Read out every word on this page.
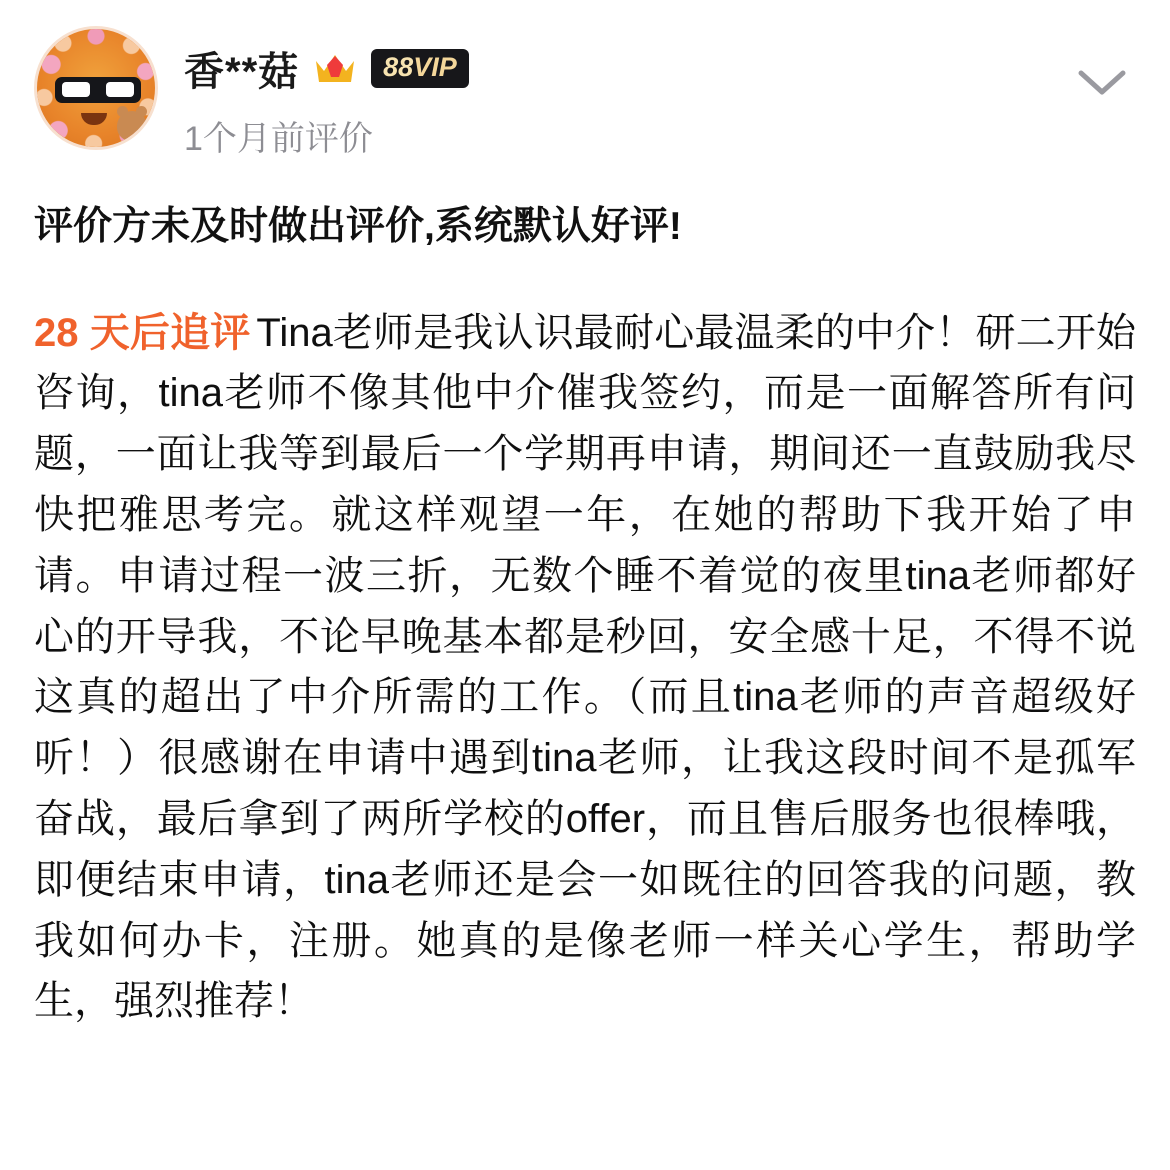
香**菇	88 VIP
1个月前评价
评价方未及时做出评价,系统默认好评!
28 天后追评 Tina老师是我认识最耐心最温柔的中介！研二开始咨询，tina老师不像其他中介催我签约，而是一面解答所有问题，一面让我等到最后一个学期再申请，期间还一直鼓励我尽快把雅思考完。就这样观望一年，在她的帮助下我开始了申请。申请过程一波三折，无数个睡不着觉的夜里tina老师都好心的开导我，不论早晚基本都是秒回，安全感十足，不得不说这真的超出了中介所需的工作。（而且tina老师的声音超级好听！）很感谢在申请中遇到tina老师，让我这段时间不是孤军奋战，最后拿到了两所学校的offer，而且售后服务也很棒哦，即便结束申请，tina老师还是会一如既往的回答我的问题，教我如何办卡，注册。她真的是像老师一样关心学生，帮助学生，强烈推荐！
